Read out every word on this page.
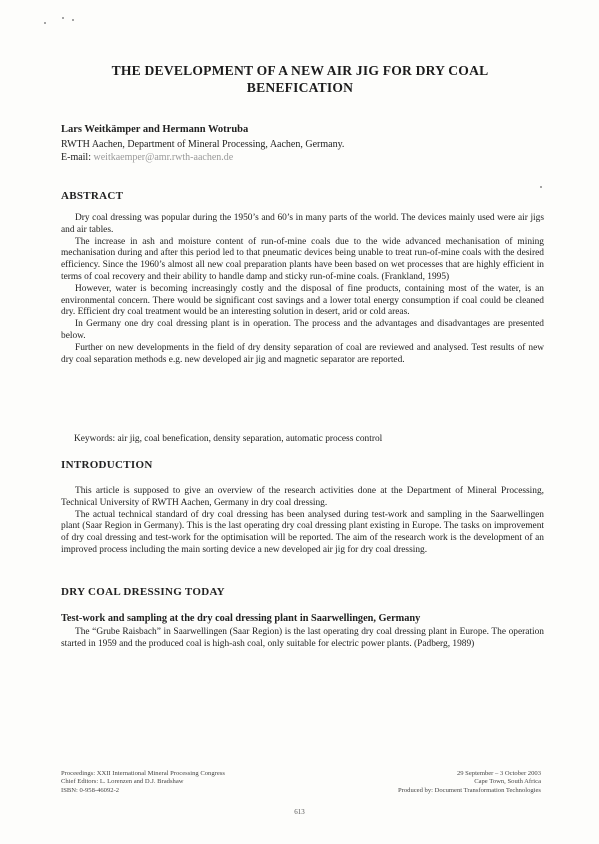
THE DEVELOPMENT OF A NEW AIR JIG FOR DRY COAL
BENEFICATION
Lars Weitkämper and Hermann Wotruba
RWTH Aachen, Department of Mineral Processing, Aachen, Germany.
E-mail: weitkaemper@amr.rwth-aachen.de
ABSTRACT

Dry coal dressing was popular during the 1950’s and 60’s in many parts of the world. The devices mainly used were air jigs and air tables.

The increase in ash and moisture content of run-of-mine coals due to the wide advanced mechanisation of mining mechanisation during and after this period led to that pneumatic devices being unable to treat run-of-mine coals with the desired efficiency. Since the 1960’s almost all new coal preparation plants have been based on wet processes that are highly efficient in terms of coal recovery and their ability to handle damp and sticky run-of-mine coals. (Frankland, 1995)

However, water is becoming increasingly costly and the disposal of fine products, containing most of the water, is an environmental concern. There would be significant cost savings and a lower total energy consumption if coal could be cleaned dry. Efficient dry coal treatment would be an interesting solution in desert, arid or cold areas.

In Germany one dry coal dressing plant is in operation. The process and the advantages and disadvantages are presented below.

Further on new developments in the field of dry density separation of coal are reviewed and analysed. Test results of new dry coal separation methods e.g. new developed air jig and magnetic separator are reported.

Keywords: air jig, coal benefication, density separation, automatic process control
INTRODUCTION

This article is supposed to give an overview of the research activities done at the Department of Mineral Processing, Technical University of RWTH Aachen, Germany in dry coal dressing.

The actual technical standard of dry coal dressing has been analysed during test-work and sampling in the Saarwellingen plant (Saar Region in Germany). This is the last operating dry coal dressing plant existing in Europe. The tasks on improvement of dry coal dressing and test-work for the optimisation will be reported. The aim of the research work is the development of an improved process including the main sorting device a new developed air jig for dry coal dressing.

DRY COAL DRESSING TODAY
Test-work and sampling at the dry coal dressing plant in Saarwellingen, Germany

The “Grube Raisbach” in Saarwellingen (Saar Region) is the last operating dry coal dressing plant in Europe. The operation started in 1959 and the produced coal is high-ash coal, only suitable for electric power plants. (Padberg, 1989)

Proceedings: XXII International Mineral Processing Congress
Chief Editors: L. Lorenzen and D.J. Bradshaw
ISBN: 0-958-46092-2
29 September – 3 October 2003
Cape Town, South Africa
Produced by: Document Transformation Technologies
613
